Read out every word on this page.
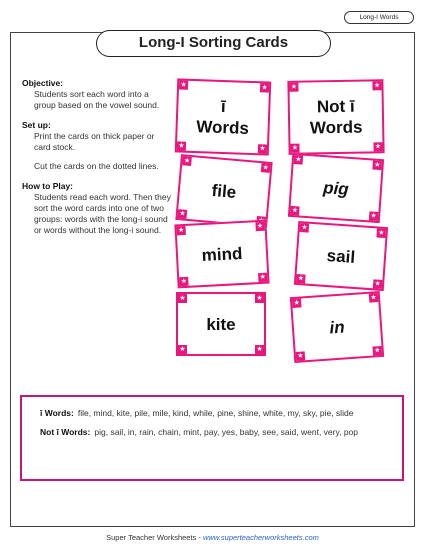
Long-I Words
Long-I Sorting Cards
Objective:
Students sort each word into a group based on the vowel sound.
Set up:
Print the cards on thick paper or card stock.
Cut the cards on the dotted lines.
How to Play:
Students read each word. Then they sort the word cards into one of two groups: words with the long-i sound or words without the long-i sound.
★	★
★	★
ī
Words
★
★
★
file
★
★
★
★
mind
★	★
★	★
kite
★	★
★	★
Not ī
Words
★
★
★
★
pig
★
★
★
★
sail
★
★
★
★
in
ī Words: file, mind, kite, pile, mile, kind, while, pine, shine, white, my, sky, pie, slide
Not ī Words: pig, sail, in, rain, chain, mint, pay, yes, baby, see, said, went, very, pop
Super Teacher Worksheets - www.superteacherworksheets.com
